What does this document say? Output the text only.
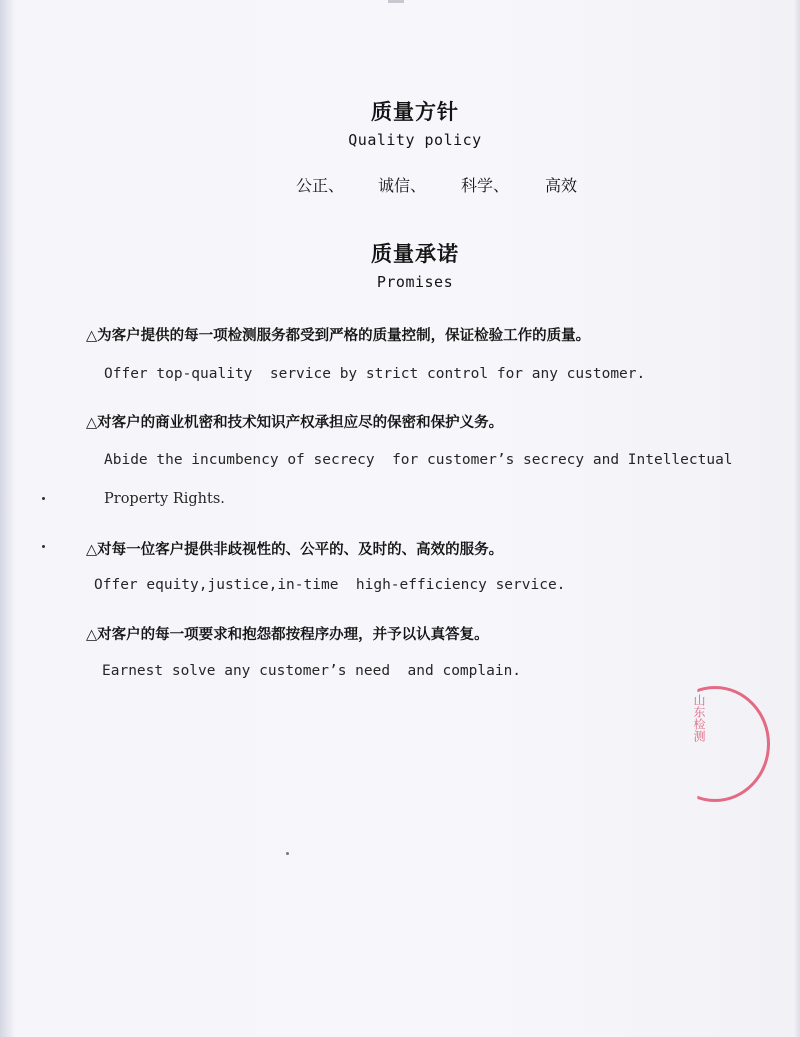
质量方针
Quality policy
公正、 诚信、 科学、 高效
质量承诺
Promises
△为客户提供的每一项检测服务都受到严格的质量控制，保证检验工作的质量。
Offer top-quality  service by strict control for any customer.
△对客户的商业机密和技术知识产权承担应尽的保密和保护义务。
Abide the incumbency of secrecy  for customer’s secrecy and Intellectual
Property Rights.
△对每一位客户提供非歧视性的、公平的、及时的、高效的服务。
Offer equity,justice,in-time  high-efficiency service.
△对客户的每一项要求和抱怨都按程序办理，并予以认真答复。
Earnest solve any customer’s need  and complain.
山东检测
